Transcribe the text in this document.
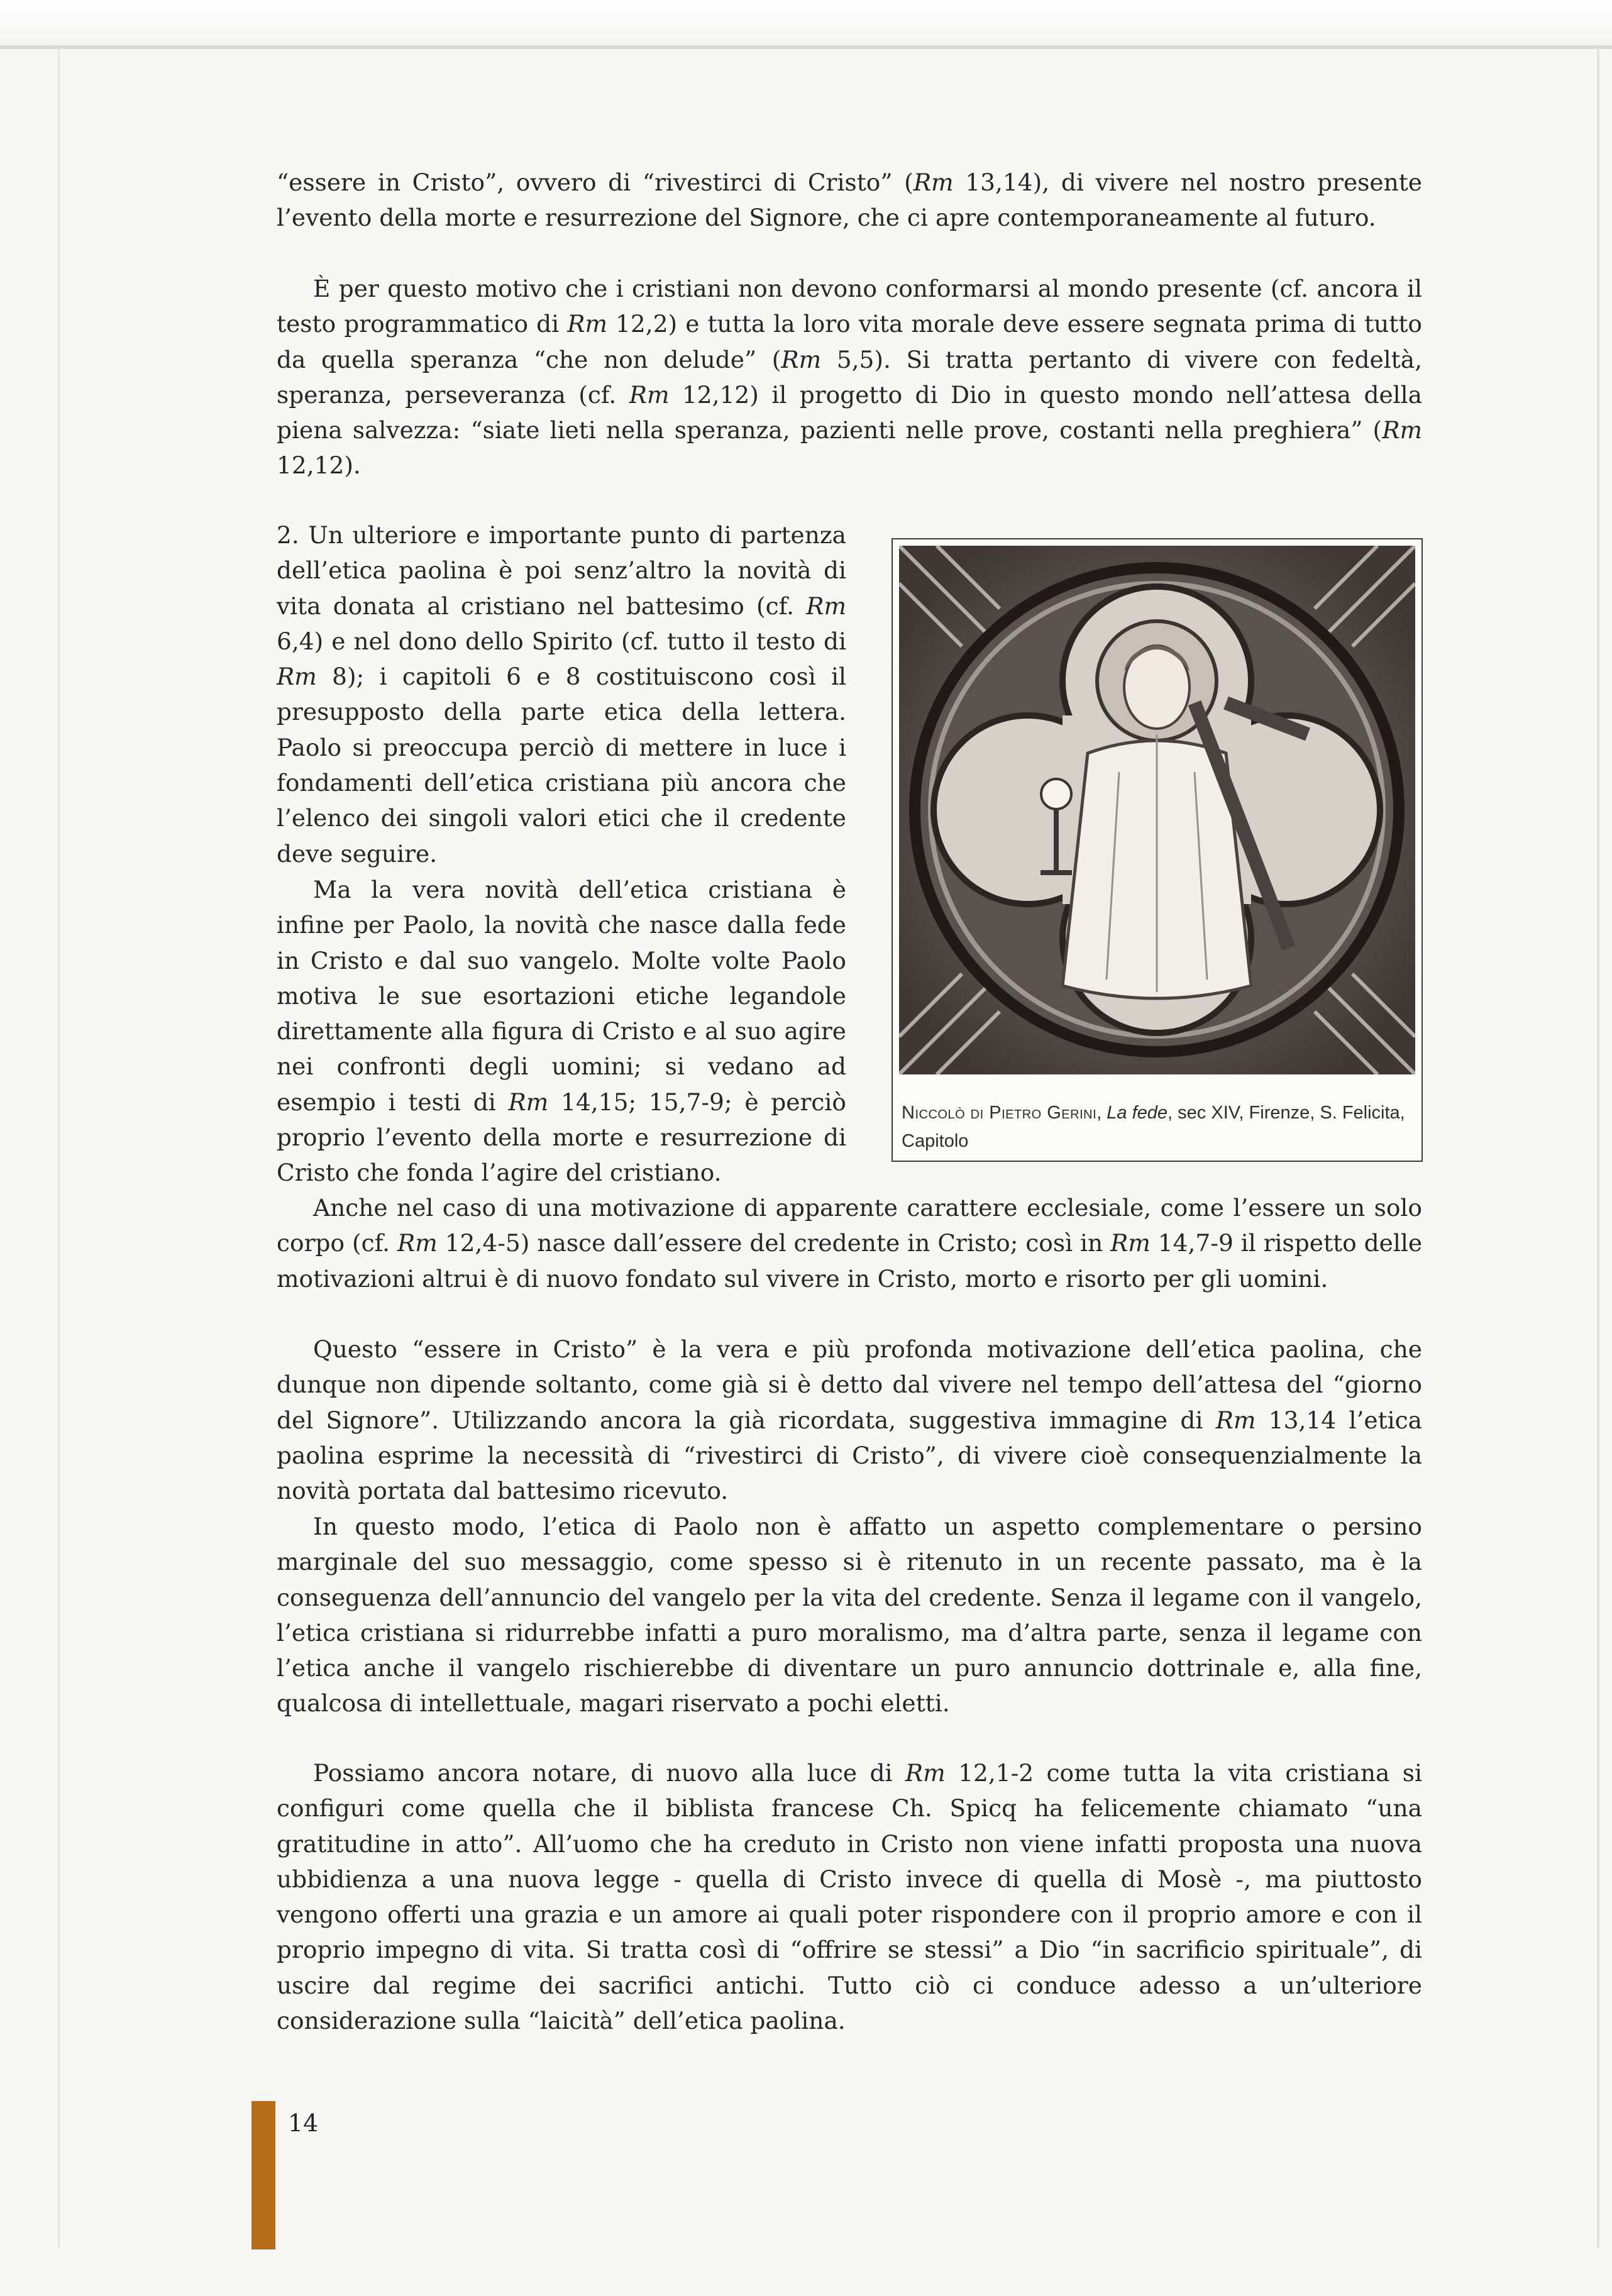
“essere in Cristo”, ovvero di “rivestirci di Cristo” (Rm 13,14), di vivere nel nostro presente l’evento della morte e resurrezione del Signore, che ci apre contemporaneamente al futuro.

È per questo motivo che i cristiani non devono conformarsi al mondo presente (cf. ancora il testo programmatico di Rm 12,2) e tutta la loro vita morale deve essere segnata prima di tutto da quella speranza “che non delude” (Rm 5,5). Si tratta pertanto di vivere con fedeltà, speranza, perseveranza (cf. Rm 12,12) il progetto di Dio in questo mondo nell’attesa della piena salvezza: “siate lieti nella speranza, pazienti nelle prove, costanti nella preghiera” (Rm 12,12).

2. Un ulteriore e importante punto di partenza dell’etica paolina è poi senz’altro la novità di vita donata al cristiano nel battesimo (cf. Rm 6,4) e nel dono dello Spirito (cf. tutto il testo di Rm 8); i capitoli 6 e 8 costituiscono così il presupposto della parte etica della lettera. Paolo si preoccupa perciò di mettere in luce i fondamenti dell’etica cristiana più ancora che l’elenco dei singoli valori etici che il credente deve seguire.

Ma la vera novità dell’etica cristiana è infine per Paolo, la novità che nasce dalla fede in Cristo e dal suo vangelo. Molte volte Paolo motiva le sue esortazioni etiche legandole direttamente alla figura di Cristo e al suo agire nei confronti degli uomini; si vedano ad esempio i testi di Rm 14,15; 15,7-9; è perciò proprio l’evento della morte e resurrezione di Cristo che fonda l’agire del cristiano.

Anche nel caso di una motivazione di apparente carattere ecclesiale, come l’essere un solo corpo (cf. Rm 12,4-5) nasce dall’essere del credente in Cristo; così in Rm 14,7-9 il rispetto delle motivazioni altrui è di nuovo fondato sul vivere in Cristo, morto e risorto per gli uomini.

Questo “essere in Cristo” è la vera e più profonda motivazione dell’etica paolina, che dunque non dipende soltanto, come già si è detto dal vivere nel tempo dell’attesa del “giorno del Signore”. Utilizzando ancora la già ricordata, suggestiva immagine di Rm 13,14 l’etica paolina esprime la necessità di “rivestirci di Cristo”, di vivere cioè consequenzialmente la novità portata dal battesimo ricevuto.

In questo modo, l’etica di Paolo non è affatto un aspetto complementare o persino marginale del suo messaggio, come spesso si è ritenuto in un recente passato, ma è la conseguenza dell’annuncio del vangelo per la vita del credente. Senza il legame con il vangelo, l’etica cristiana si ridurrebbe infatti a puro moralismo, ma d’altra parte, senza il legame con l’etica anche il vangelo rischierebbe di diventare un puro annuncio dottrinale e, alla fine, qualcosa di intellettuale, magari riservato a pochi eletti.

Possiamo ancora notare, di nuovo alla luce di Rm 12,1-2 come tutta la vita cristiana si configuri come quella che il biblista francese Ch. Spicq ha felicemente chiamato “una gratitudine in atto”. All’uomo che ha creduto in Cristo non viene infatti proposta una nuova ubbidienza a una nuova legge - quella di Cristo invece di quella di Mosè -, ma piuttosto vengono offerti una grazia e un amore ai quali poter rispondere con il proprio amore e con il proprio impegno di vita. Si tratta così di “offrire se stessi” a Dio “in sacrificio spirituale”, di uscire dal regime dei sacrifici antichi. Tutto ciò ci conduce adesso a un’ulteriore considerazione sulla “laicità” dell’etica paolina.

Niccolò di Pietro Gerini, La fede, sec XIV, Firenze, S. Felicita, Capitolo
14
